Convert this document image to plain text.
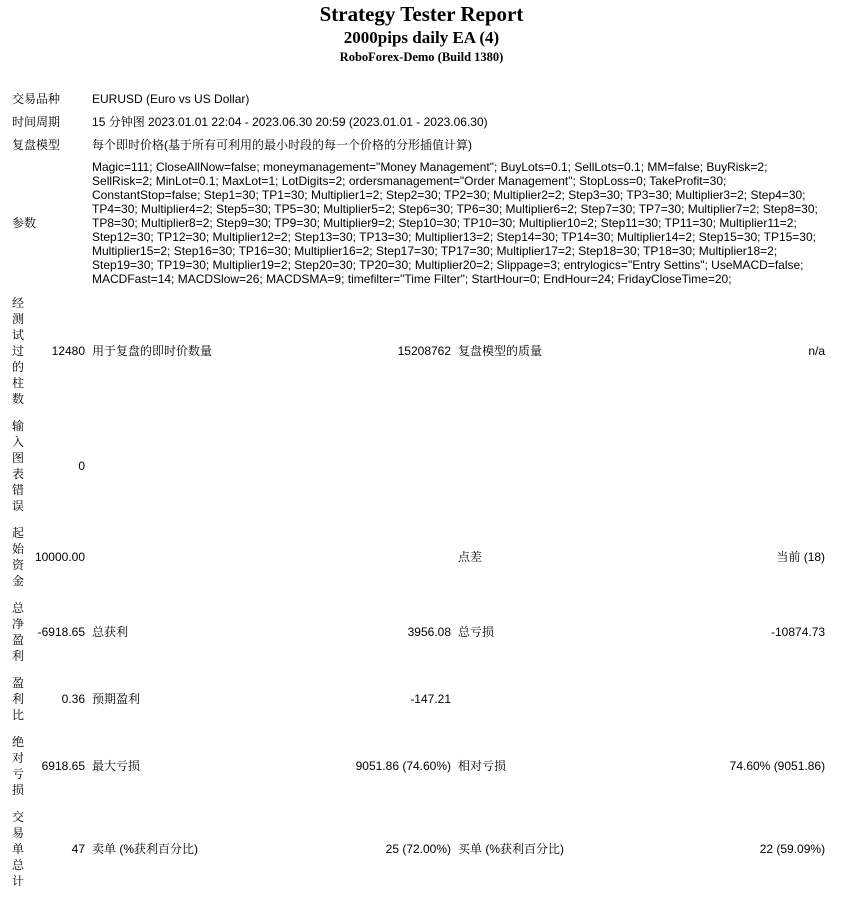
Strategy Tester Report
2000pips daily EA (4)
RoboForex-Demo (Build 1380)
交易品种		EURUSD (Euro vs US Dollar)			
时间周期		15 分钟图 2023.01.01 22:04 - 2023.06.30 20:59 (2023.01.01 - 2023.06.30)			
复盘模型		每个即时价格(基于所有可利用的最小时段的每一个价格的分形插值计算)			
参数		Magic=111; CloseAllNow=false; moneymanagement="Money Management"; BuyLots=0.1; SellLots=0.1; MM=false; BuyRisk=2; SellRisk=2; MinLot=0.1; MaxLot=1; LotDigits=2; ordersmanagement="Order Management"; StopLoss=0; TakeProfit=30; ConstantStop=false; Step1=30; TP1=30; Multiplier1=2; Step2=30; TP2=30; Multiplier2=2; Step3=30; TP3=30; Multiplier3=2; Step4=30; TP4=30; Multiplier4=2; Step5=30; TP5=30; Multiplier5=2; Step6=30; TP6=30; Multiplier6=2; Step7=30; TP7=30; Multiplier7=2; Step8=30; TP8=30; Multiplier8=2; Step9=30; TP9=30; Multiplier9=2; Step10=30; TP10=30; Multiplier10=2; Step11=30; TP11=30; Multiplier11=2; Step12=30; TP12=30; Multiplier12=2; Step13=30; TP13=30; Multiplier13=2; Step14=30; TP14=30; Multiplier14=2; Step15=30; TP15=30; Multiplier15=2; Step16=30; TP16=30; Multiplier16=2; Step17=30; TP17=30; Multiplier17=2; Step18=30; TP18=30; Multiplier18=2; Step19=30; TP19=30; Multiplier19=2; Step20=30; TP20=30; Multiplier20=2; Slippage=3; entrylogics="Entry Settins"; UseMACD=false; MACDFast=14; MACDSlow=26; MACDSMA=9; timefilter="Time Filter"; StartHour=0; EndHour=24; FridayCloseTime=20;			

经测试过的柱数	12480	用于复盘的即时价数量	15208762	复盘模型的质量	n/a

输入图表错误	0				

起始资金	10000.00			点差	当前 (18)

总净盈利	-6918.65	总获利	3956.08	总亏损	-10874.73

盈利比	0.36	预期盈利	-147.21		

绝对亏损	6918.65	最大亏损	9051.86 (74.60%)	相对亏损	74.60% (9051.86)

交易单总计	47	卖单 (%获利百分比)	25 (72.00%)	买单 (%获利百分比)	22 (59.09%)
